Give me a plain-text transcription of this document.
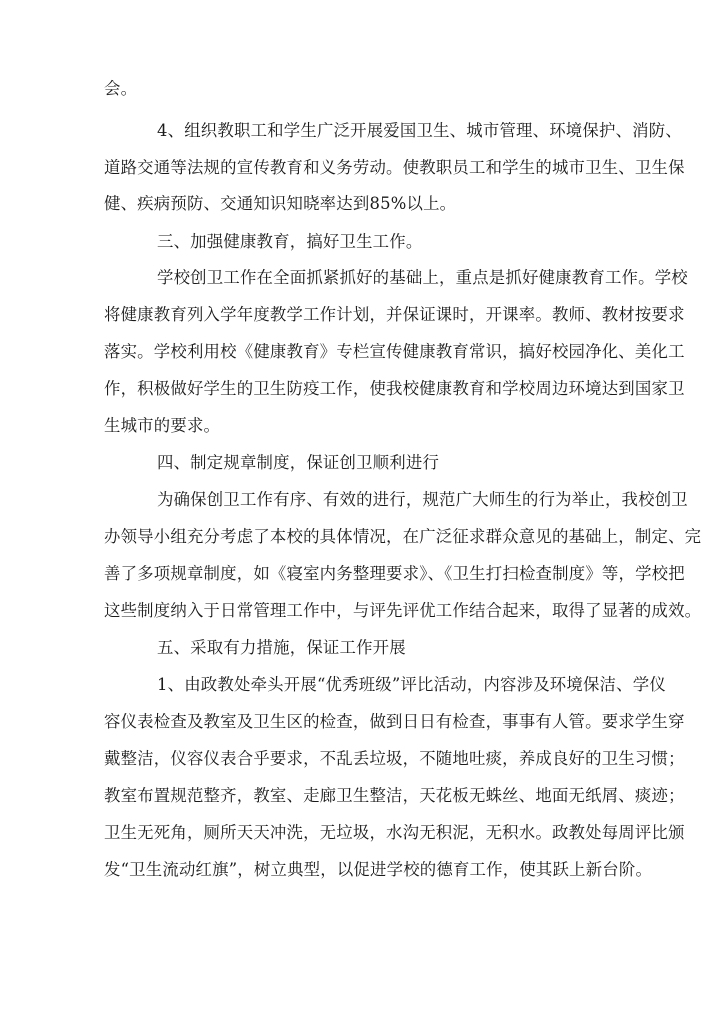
会。
4、组织教职工和学生广泛开展爱国卫生、城市管理、环境保护、消防、
道路交通等法规的宣传教育和义务劳动。使教职员工和学生的城市卫生、卫生保
健、疾病预防、交通知识知晓率达到85%以上。
三、加强健康教育，搞好卫生工作。
学校创卫工作在全面抓紧抓好的基础上，重点是抓好健康教育工作。学校
将健康教育列入学年度教学工作计划，并保证课时，开课率。教师、教材按要求
落实。学校利用校《健康教育》专栏宣传健康教育常识，搞好校园净化、美化工
作，积极做好学生的卫生防疫工作，使我校健康教育和学校周边环境达到国家卫
生城市的要求。
四、制定规章制度，保证创卫顺利进行
为确保创卫工作有序、有效的进行，规范广大师生的行为举止，我校创卫
办领导小组充分考虑了本校的具体情况，在广泛征求群众意见的基础上，制定、完
善了多项规章制度，如《寝室内务整理要求》、《卫生打扫检查制度》等，学校把
这些制度纳入于日常管理工作中，与评先评优工作结合起来，取得了显著的成效。
五、采取有力措施，保证工作开展
1、由政教处牵头开展“优秀班级”评比活动，内容涉及环境保洁、学仪
容仪表检查及教室及卫生区的检查，做到日日有检查，事事有人管。要求学生穿
戴整洁，仪容仪表合乎要求，不乱丢垃圾，不随地吐痰，养成良好的卫生习惯；
教室布置规范整齐，教室、走廊卫生整洁，天花板无蛛丝、地面无纸屑、痰迹；
卫生无死角，厕所天天冲洗，无垃圾，水沟无积泥，无积水。政教处每周评比颁
发“卫生流动红旗”，树立典型，以促进学校的德育工作，使其跃上新台阶。
